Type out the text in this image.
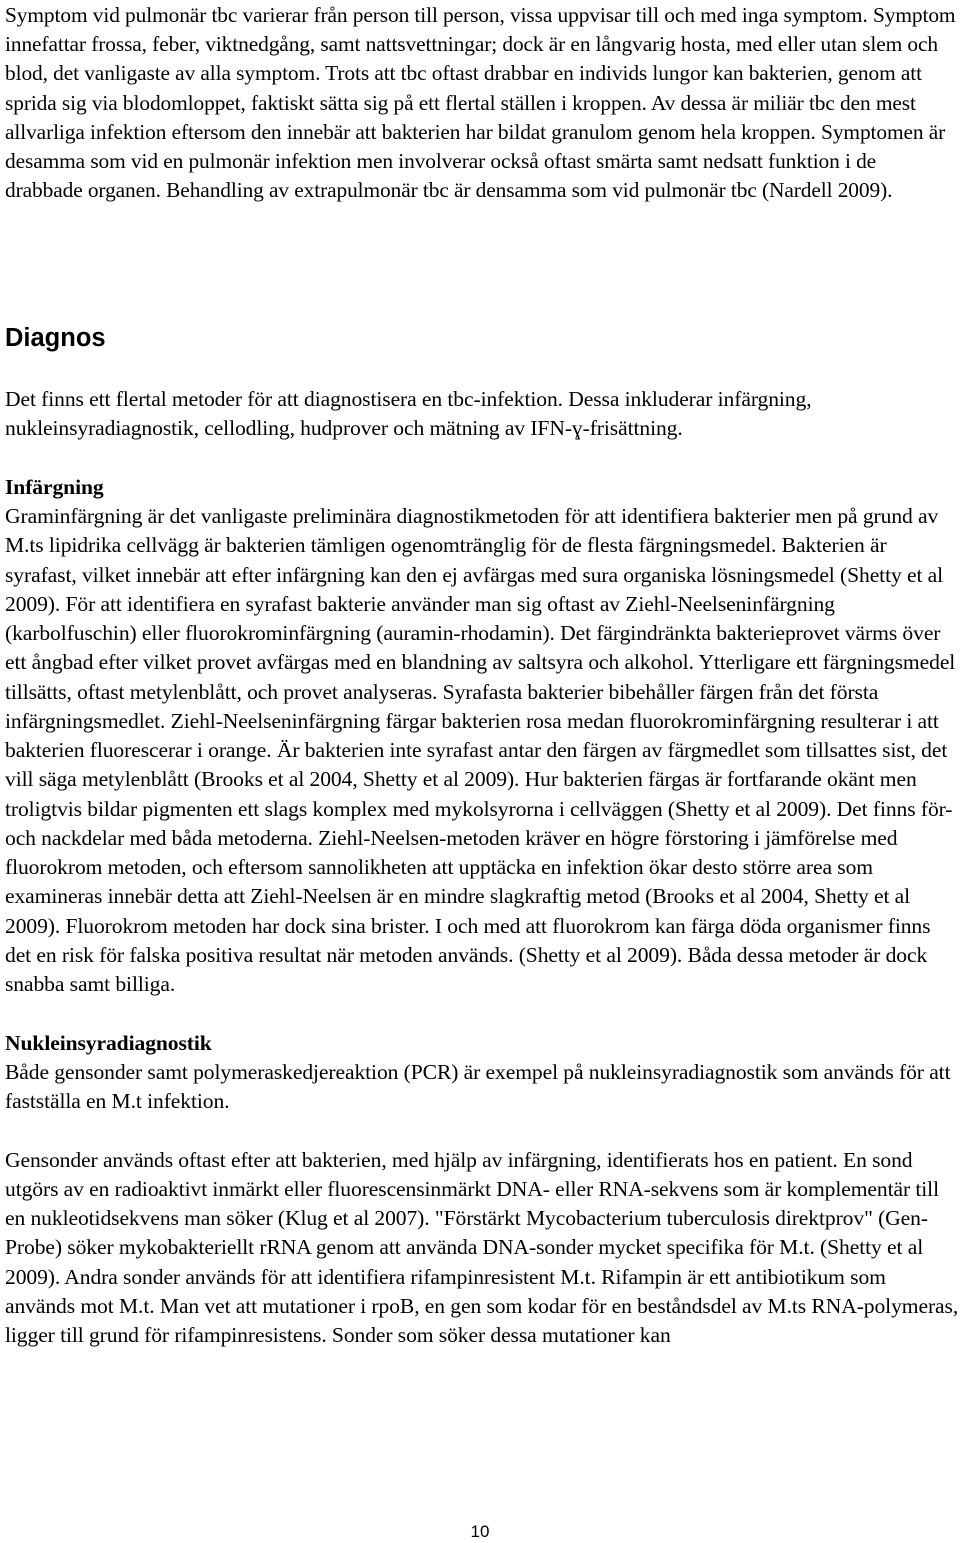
Symptom vid pulmonär tbc varierar från person till person, vissa uppvisar till och med inga symptom. Symptom innefattar frossa, feber, viktnedgång, samt nattsvettningar; dock är en långvarig hosta, med eller utan slem och blod, det vanligaste av alla symptom. Trots att tbc oftast drabbar en individs lungor kan bakterien, genom att sprida sig via blodomloppet, faktiskt sätta sig på ett flertal ställen i kroppen. Av dessa är miliär tbc den mest allvarliga infektion eftersom den innebär att bakterien har bildat granulom genom hela kroppen. Symptomen är desamma som vid en pulmonär infektion men involverar också oftast smärta samt nedsatt funktion i de drabbade organen. Behandling av extrapulmonär tbc är densamma som vid pulmonär tbc (Nardell 2009).

Diagnos

Det finns ett flertal metoder för att diagnostisera en tbc-infektion. Dessa inkluderar infärgning, nukleinsyradiagnostik, cellodling, hudprover och mätning av IFN-ɣ-frisättning.

Infärgning

Graminfärgning är det vanligaste preliminära diagnostikmetoden för att identifiera bakterier men på grund av M.ts lipidrika cellvägg är bakterien tämligen ogenomtränglig för de flesta färgningsmedel. Bakterien är syrafast, vilket innebär att efter infärgning kan den ej avfärgas med sura organiska lösningsmedel (Shetty et al 2009). För att identifiera en syrafast bakterie använder man sig oftast av Ziehl-Neelseninfärgning (karbolfuschin) eller fluorokrominfärgning (auramin-rhodamin). Det färgindränkta bakterieprovet värms över ett ångbad efter vilket provet avfärgas med en blandning av saltsyra och alkohol. Ytterligare ett färgningsmedel tillsätts, oftast metylenblått, och provet analyseras. Syrafasta bakterier bibehåller färgen från det första infärgningsmedlet. Ziehl-Neelseninfärgning färgar bakterien rosa medan fluorokrominfärgning resulterar i att bakterien fluorescerar i orange. Är bakterien inte syrafast antar den färgen av färgmedlet som tillsattes sist, det vill säga metylenblått (Brooks et al 2004, Shetty et al 2009). Hur bakterien färgas är fortfarande okänt men troligtvis bildar pigmenten ett slags komplex med mykolsyrorna i cellväggen (Shetty et al 2009). Det finns för- och nackdelar med båda metoderna. Ziehl-Neelsen-metoden kräver en högre förstoring i jämförelse med fluorokrom metoden, och eftersom sannolikheten att upptäcka en infektion ökar desto större area som examineras innebär detta att Ziehl-Neelsen är en mindre slagkraftig metod (Brooks et al 2004, Shetty et al 2009). Fluorokrom metoden har dock sina brister. I och med att fluorokrom kan färga döda organismer finns det en risk för falska positiva resultat när metoden används. (Shetty et al 2009). Båda dessa metoder är dock snabba samt billiga.

Nukleinsyradiagnostik

Både gensonder samt polymeraskedjereaktion (PCR) är exempel på nukleinsyradiagnostik som används för att fastställa en M.t infektion.

Gensonder används oftast efter att bakterien, med hjälp av infärgning, identifierats hos en patient. En sond utgörs av en radioaktivt inmärkt eller fluorescensinmärkt DNA- eller RNA-sekvens som är komplementär till en nukleotidsekvens man söker (Klug et al 2007). "Förstärkt Mycobacterium tuberculosis direktprov" (Gen-Probe) söker mykobakteriellt rRNA genom att använda DNA-sonder mycket specifika för M.t. (Shetty et al 2009). Andra sonder används för att identifiera rifampinresistent M.t. Rifampin är ett antibiotikum som används mot M.t. Man vet att mutationer i rpoB, en gen som kodar för en beståndsdel av M.ts RNA-polymeras, ligger till grund för rifampinresistens. Sonder som söker dessa mutationer kan

10
